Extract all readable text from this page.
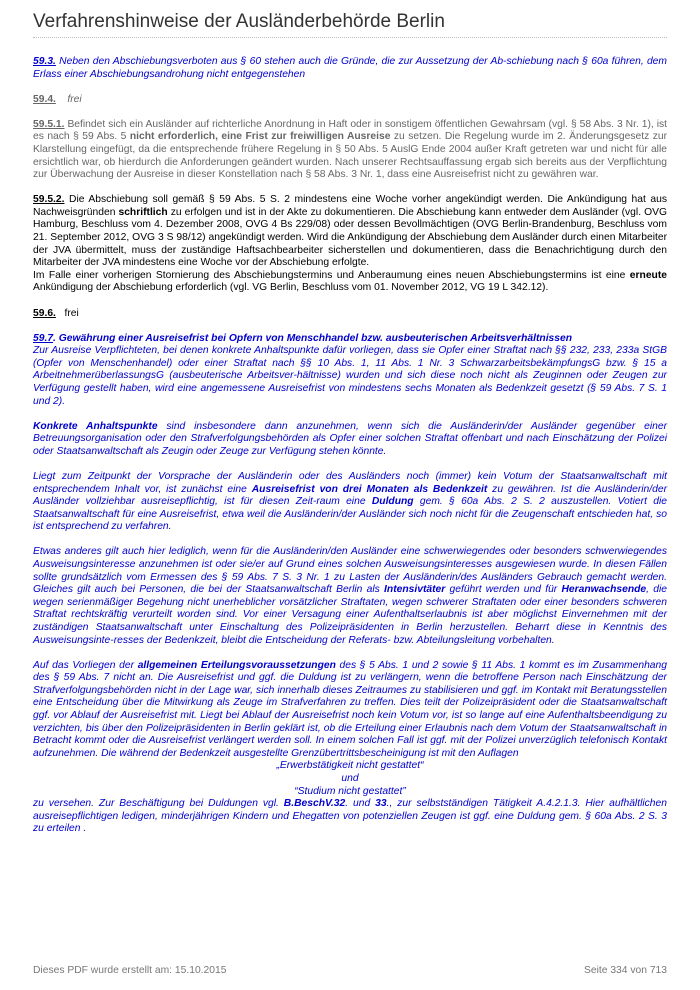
Verfahrenshinweise der Ausländerbehörde Berlin

59.3. Neben den Abschiebungsverboten aus § 60 stehen auch die Gründe, die zur Aussetzung der Ab-schiebung nach § 60a führen, dem Erlass einer Abschiebungsandrohung nicht entgegenstehen

59.4. frei

59.5.1. Befindet sich ein Ausländer auf richterliche Anordnung in Haft oder in sonstigem öffentlichen Gewahrsam (vgl. § 58 Abs. 3 Nr. 1), ist es nach § 59 Abs. 5 nicht erforderlich, eine Frist zur freiwilligen Ausreise zu setzen. Die Regelung wurde im 2. Änderungsgesetz zur Klarstellung eingefügt, da die entsprechende frühere Regelung in § 50 Abs. 5 AuslG Ende 2004 außer Kraft getreten war und nicht für alle ersichtlich war, ob hierdurch die Anforderungen geändert wurden. Nach unserer Rechtsauffassung ergab sich bereits aus der Verpflichtung zur Überwachung der Ausreise in dieser Konstellation nach § 58 Abs. 3 Nr. 1, dass eine Ausreisefrist nicht zu gewähren war.

59.5.2. Die Abschiebung soll gemäß § 59 Abs. 5 S. 2 mindestens eine Woche vorher angekündigt werden. Die Ankündigung hat aus Nachweisgründen schriftlich zu erfolgen und ist in der Akte zu dokumentieren. Die Abschiebung kann entweder dem Ausländer (vgl. OVG Hamburg, Beschluss vom 4. Dezember 2008, OVG 4 Bs 229/08) oder dessen Bevollmächtigen (OVG Berlin-Brandenburg, Beschluss vom 21. September 2012, OVG 3 S 98/12) angekündigt werden. Wird die Ankündigung der Abschiebung dem Ausländer durch einen Mitarbeiter der JVA übermittelt, muss der zuständige Haftsachbearbeiter sicherstellen und dokumentieren, dass die Benachrichtigung durch den Mitarbeiter der JVA mindestens eine Woche vor der Abschiebung erfolgte.

Im Falle einer vorherigen Stornierung des Abschiebungstermins und Anberaumung eines neuen Abschiebungstermins ist eine erneute Ankündigung der Abschiebung erforderlich (vgl. VG Berlin, Beschluss vom 01. November 2012, VG 19 L 342.12).

59.6. frei

59.7. Gewährung einer Ausreisefrist bei Opfern von Menschhandel bzw. ausbeuterischen Arbeitsverhältnissen
Zur Ausreise Verpflichteten, bei denen konkrete Anhaltspunkte dafür vorliegen, dass sie Opfer einer Straftat nach §§ 232, 233, 233a StGB (Opfer von Menschenhandel) oder einer Straftat nach §§ 10 Abs. 1, 11 Abs. 1 Nr. 3 SchwarzarbeitsbekämpfungsG bzw. § 15 a ArbeitnehmerüberlassungsG (ausbeuterische Arbeitsver-hältnisse) wurden und sich diese noch nicht als Zeuginnen oder Zeugen zur Verfügung gestellt haben, wird eine angemessene Ausreisefrist von mindestens sechs Monaten als Bedenkzeit gesetzt (§ 59 Abs. 7 S. 1 und 2).

Konkrete Anhaltspunkte sind insbesondere dann anzunehmen, wenn sich die Ausländerin/der Ausländer gegenüber einer Betreuungsorganisation oder den Strafverfolgungsbehörden als Opfer einer solchen Straftat offenbart und nach Einschätzung der Polizei oder Staatsanwaltschaft als Zeugin oder Zeuge zur Verfügung stehen könnte.

Liegt zum Zeitpunkt der Vorsprache der Ausländerin oder des Ausländers noch (immer) kein Votum der Staatsanwaltschaft mit entsprechendem Inhalt vor, ist zunächst eine Ausreisefrist von drei Monaten als Bedenkzeit zu gewähren. Ist die Ausländerin/der Ausländer vollziehbar ausreisepflichtig, ist für diesen Zeit-raum eine Duldung gem. § 60a Abs. 2 S. 2 auszustellen. Votiert die Staatsanwaltschaft für eine Ausreisefrist, etwa weil die Ausländerin/der Ausländer sich noch nicht für die Zeugenschaft entschieden hat, so ist entsprechend zu verfahren.

Etwas anderes gilt auch hier lediglich, wenn für die Ausländerin/den Ausländer eine schwerwiegendes oder besonders schwerwiegendes Ausweisungsinteresse anzunehmen ist oder sie/er auf Grund eines solchen Ausweisungsinteresses ausgewiesen wurde. In diesen Fällen sollte grundsätzlich vom Ermessen des § 59 Abs. 7 S. 3 Nr. 1 zu Lasten der Ausländerin/des Ausländers Gebrauch gemacht werden. Gleiches gilt auch bei Personen, die bei der Staatsanwaltschaft Berlin als Intensivtäter geführt werden und für Heranwachsende, die wegen serienmäßiger Begehung nicht unerheblicher vorsätzlicher Straftaten, wegen schwerer Straftaten oder einer besonders schweren Straftat rechtskräftig verurteilt worden sind. Vor einer Versagung einer Aufenthaltserlaubnis ist aber möglichst Einvernehmen mit der zuständigen Staatsanwaltschaft unter Einschaltung des Polizeipräsidenten in Berlin herzustellen. Beharrt diese in Kenntnis des Ausweisungsinte-resses der Bedenkzeit, bleibt die Entscheidung der Referats- bzw. Abteilungsleitung vorbehalten.

Auf das Vorliegen der allgemeinen Erteilungsvoraussetzungen des § 5 Abs. 1 und 2 sowie § 11 Abs. 1 kommt es im Zusammenhang des § 59 Abs. 7 nicht an. Die Ausreisefrist und ggf. die Duldung ist zu verlängern, wenn die betroffene Person nach Einschätzung der Strafverfolgungsbehörden nicht in der Lage war, sich innerhalb dieses Zeitraumes zu stabilisieren und ggf. im Kontakt mit Beratungsstellen eine Entscheidung über die Mitwirkung als Zeuge im Strafverfahren zu treffen. Dies teilt der Polizeipräsident oder die Staatsanwaltschaft ggf. vor Ablauf der Ausreisefrist mit. Liegt bei Ablauf der Ausreisefrist noch kein Votum vor, ist so lange auf eine Aufenthaltsbeendigung zu verzichten, bis über den Polizeipräsidenten in Berlin geklärt ist, ob die Erteilung einer Erlaubnis nach dem Votum der Staatsanwaltschaft in Betracht kommt oder die Ausreisefrist verlängert werden soll. In einem solchen Fall ist ggf. mit der Polizei unverzüglich telefonisch Kontakt aufzunehmen. Die während der Bedenkzeit ausgestellte Grenzübertrittsbescheinigung ist mit den Auflagen

„Erwerbstätigkeit nicht gestattet“
und
“Studium nicht gestattet”

zu versehen. Zur Beschäftigung bei Duldungen vgl. B.BeschV.32. und 33., zur selbstständigen Tätigkeit A.4.2.1.3. Hier aufhältlichen ausreisepflichtigen ledigen, minderjährigen Kindern und Ehegatten von potenziellen Zeugen ist ggf. eine Duldung gem. § 60a Abs. 2 S. 3 zu erteilen .

Dieses PDF wurde erstellt am: 15.10.2015	Seite 334 von 713
